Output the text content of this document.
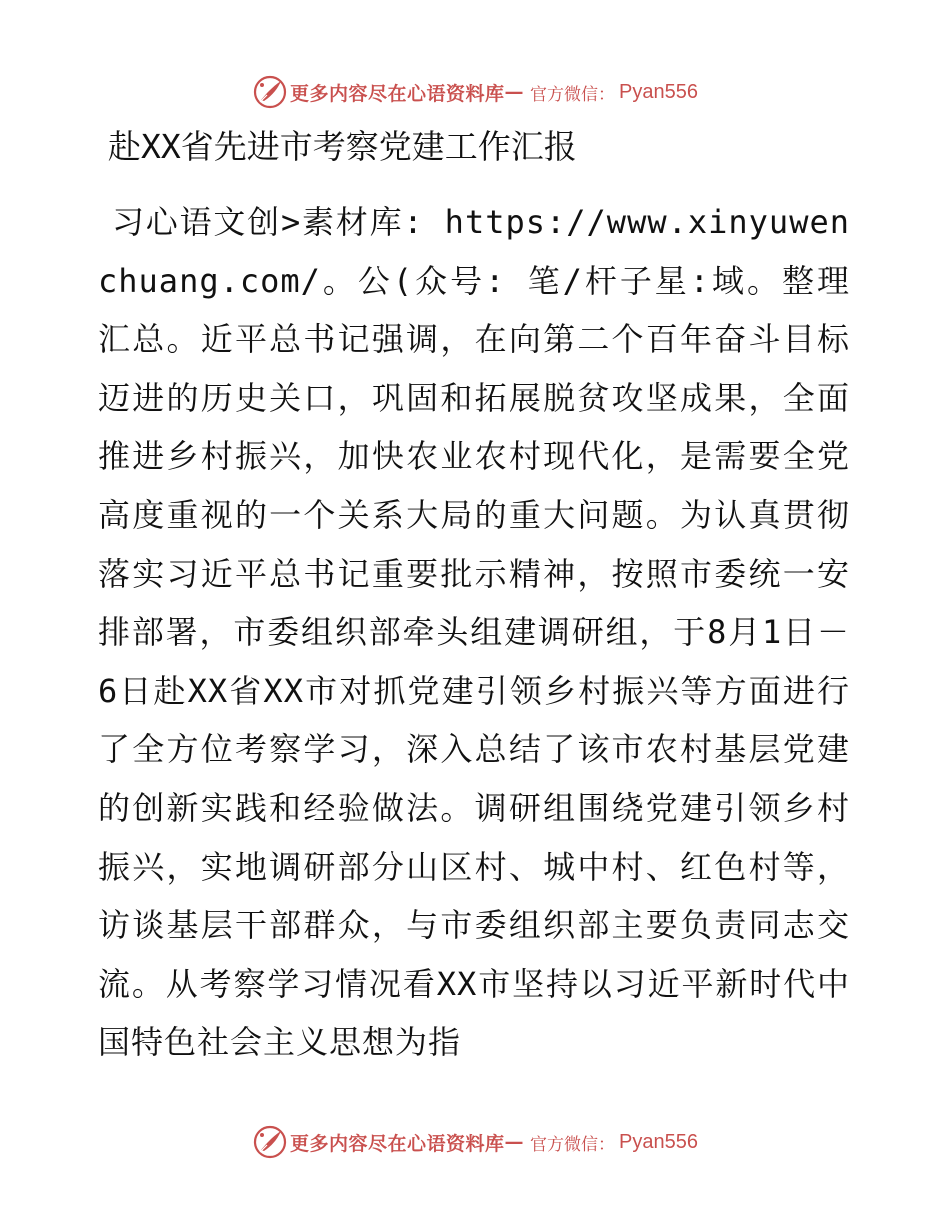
更多内容尽在心语资料库 — 官方微信： Pyan556
赴XX省先进市考察党建工作汇报

习心语文创>素材库: https://www.xinyuwenchuang.com/。公(众号: 笔/杆子星:域。整理汇总。近平总书记强调，在向第二个百年奋斗目标迈进的历史关口，巩固和拓展脱贫攻坚成果，全面推进乡村振兴，加快农业农村现代化，是需要全党高度重视的一个关系大局的重大问题。为认真贯彻落实习近平总书记重要批示精神，按照市委统一安排部署，市委组织部牵头组建调研组，于8月1日－6日赴XX省XX市对抓党建引领乡村振兴等方面进行了全方位考察学习，深入总结了该市农村基层党建的创新实践和经验做法。调研组围绕党建引领乡村振兴，实地调研部分山区村、城中村、红色村等，访谈基层干部群众，与市委组织部主要负责同志交流。从考察学习情况看XX市坚持以习近平新时代中国特色社会主义思想为指

更多内容尽在心语资料库 — 官方微信： Pyan556
